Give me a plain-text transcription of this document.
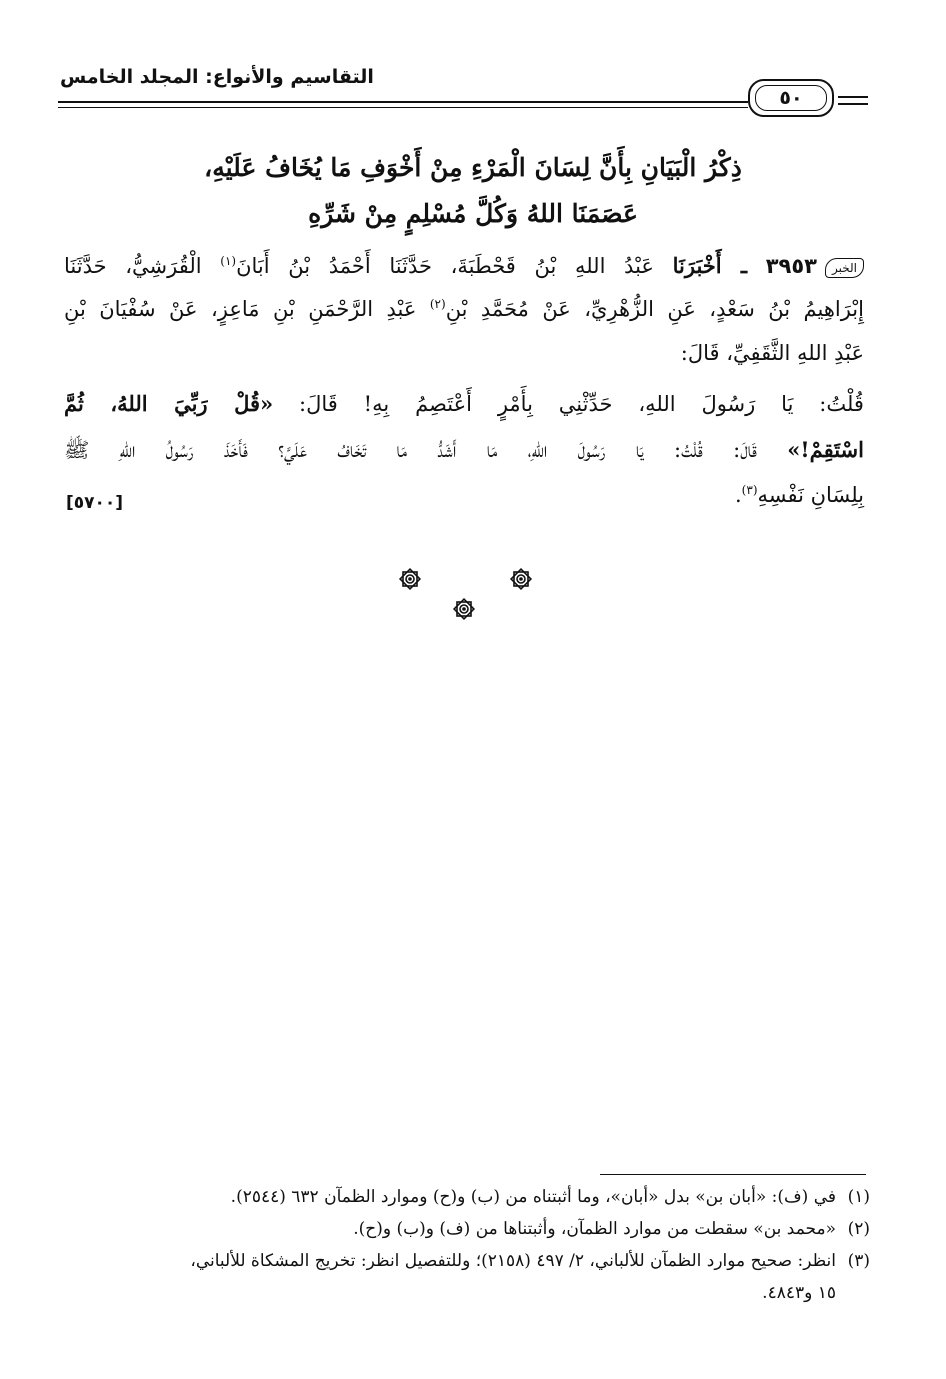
التقاسيم والأنواع: المجلد الخامس
٥٠
ذِكْرُ الْبَيَانِ بِأَنَّ لِسَانَ الْمَرْءِ مِنْ أَخْوَفِ مَا يُخَافُ عَلَيْهِ،
عَصَمَنَا اللهُ وَكُلَّ مُسْلِمٍ مِنْ شَرِّهِ
الخبر٣٩٥٣ ـ أَخْبَرَنَا عَبْدُ اللهِ بْنُ قَحْطَبَةَ، حَدَّثَنَا أَحْمَدُ بْنُ أَبَانَ$^{(١)}$ الْقُرَشِيُّ، حَدَّثَنَا
إِبْرَاهِيمُ بْنُ سَعْدٍ، عَنِ الزُّهْرِيِّ، عَنْ مُحَمَّدِ بْنِ$^{(٢)}$ عَبْدِ الرَّحْمَنِ بْنِ مَاعِزٍ، عَنْ سُفْيَانَ بْنِ
عَبْدِ اللهِ الثَّقَفِيِّ، قَالَ:
قُلْتُ: يَا رَسُولَ اللهِ، حَدِّثْنِي بِأَمْرٍ أَعْتَصِمُ بِهِ! قَالَ: «قُلْ رَبِّيَ اللهُ، ثُمَّ
اسْتَقِمْ!» قَالَ: قُلْتُ: يَا رَسُولَ اللهِ، مَا أَشَدُّ مَا تَخَافُ عَلَيَّ؟ فَأَخَذَ رَسُولُ اللهِ ﷺ
بِلِسَانِ نَفْسِهِ$^{(٣)}$.
[٥٧٠٠]
(١)في (ف): «أبان بن» بدل «أبان»، وما أثبتناه من (ب) و(ح) وموارد الظمآن ٦٣٢ (٢٥٤٤).
(٢)«محمد بن» سقطت من موارد الظمآن، وأثبتناها من (ف) و(ب) و(ح).
(٣)انظر: صحيح موارد الظمآن للألباني، ٢/ ٤٩٧ (٢١٥٨)؛ وللتفصيل انظر: تخريج المشكاة للألباني،
١٥ و٤٨٤٣.
